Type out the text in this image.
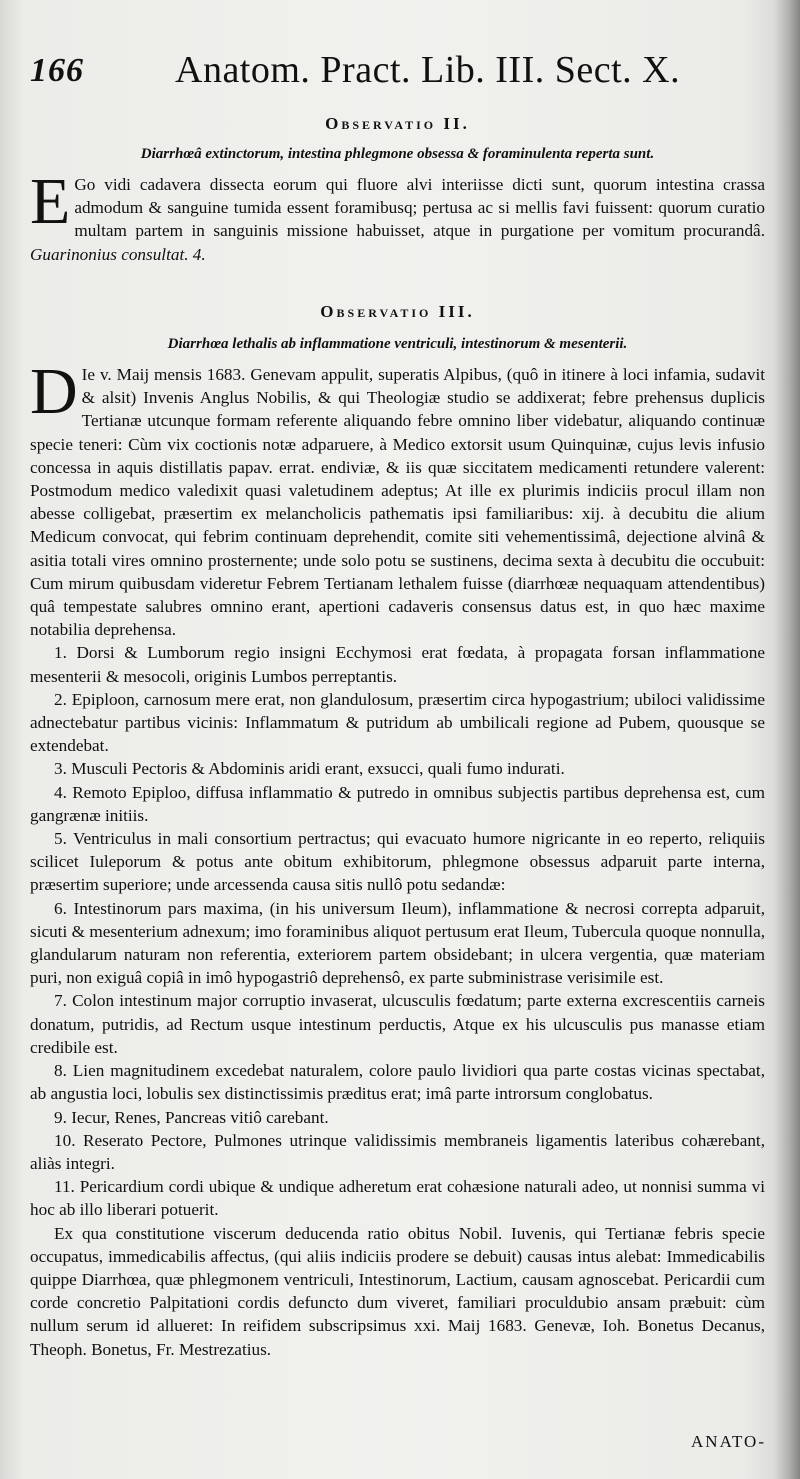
166 Anatom. Pract. Lib. III. Sect. X.

Observatio II.

Diarrhœâ extinctorum, intestina phlegmone obsessa & foraminulenta reperta sunt.

E Go vidi cadavera dissecta eorum qui fluore alvi interiisse dicti sunt, quorum intestina crassa admodum & sanguine tumida essent foramibusq; pertusa ac si mellis favi fuissent: quorum curatio multam partem in sanguinis missione habuisset, atque in purgatione per vomitum procurandâ. Guarinonius consultat. 4.

Observatio III.

Diarrhœa lethalis ab inflammatione ventriculi, intestinorum & mesenterii.

D Ie v. Maij mensis 1683. Genevam appulit, superatis Alpibus, (quô in itinere à loci infamia, sudavit & alsit) Invenis Anglus Nobilis, & qui Theologiæ studio se addixerat; febre prehensus duplicis Tertianæ utcunque formam referente aliquando febre omnino liber videbatur, aliquando continuæ specie teneri: Cùm vix coctionis notæ adparuere, à Medico extorsit usum Quinquinæ, cujus levis infusio concessa in aquis distillatis papav. errat. endiviæ, & iis quæ siccitatem medicamenti retundere valerent: Postmodum medico valedixit quasi valetudinem adeptus; At ille ex plurimis indiciis procul illam non abesse colligebat, præsertim ex melancholicis pathematis ipsi familiaribus: xij. à decubitu die alium Medicum convocat, qui febrim continuam deprehendit, comite siti vehementissimâ, dejectione alvinâ & asitia totali vires omnino prosternente; unde solo potu se sustinens, decima sexta à decubitu die occubuit: Cum mirum quibusdam videretur Febrem Tertianam lethalem fuisse (diarrhœæ nequaquam attendentibus) quâ tempestate salubres omnino erant, apertioni cadaveris consensus datus est, in quo hæc maxime notabilia deprehensa.

1. Dorsi & Lumborum regio insigni Ecchymosi erat fœdata, à propagata forsan inflammatione mesenterii & mesocoli, originis Lumbos perreptantis.

2. Epiploon, carnosum mere erat, non glandulosum, præsertim circa hypogastrium; ubiloci validissime adnectebatur partibus vicinis: Inflammatum & putridum ab umbilicali regione ad Pubem, quousque se extendebat.

3. Musculi Pectoris & Abdominis aridi erant, exsucci, quali fumo indurati.

4. Remoto Epiploo, diffusa inflammatio & putredo in omnibus subjectis partibus deprehensa est, cum gangrænæ initiis.

5. Ventriculus in mali consortium pertractus; qui evacuato humore nigricante in eo reperto, reliquiis scilicet Iuleporum & potus ante obitum exhibitorum, phlegmone obsessus adparuit parte interna, præsertim superiore; unde arcessenda causa sitis nullô potu sedandæ:

6. Intestinorum pars maxima, (in his universum Ileum), inflammatione & necrosi correpta adparuit, sicuti & mesenterium adnexum; imo foraminibus aliquot pertusum erat Ileum, Tubercula quoque nonnulla, glandularum naturam non referentia, exteriorem partem obsidebant; in ulcera vergentia, quæ materiam puri, non exiguâ copiâ in imô hypogastriô deprehensô, ex parte subministrase verisimile est.

7. Colon intestinum major corruptio invaserat, ulcusculis fœdatum; parte externa excrescentiis carneis donatum, putridis, ad Rectum usque intestinum perductis, Atque ex his ulcusculis pus manasse etiam credibile est.

8. Lien magnitudinem excedebat naturalem, colore paulo lividiori qua parte costas vicinas spectabat, ab angustia loci, lobulis sex distinctissimis præditus erat; imâ parte introrsum conglobatus.

9. Iecur, Renes, Pancreas vitiô carebant.

10. Reserato Pectore, Pulmones utrinque validissimis membraneis ligamentis lateribus cohærebant, aliàs integri.

11. Pericardium cordi ubique & undique adheretum erat cohæsione naturali adeo, ut nonnisi summa vi hoc ab illo liberari potuerit.

Ex qua constitutione viscerum deducenda ratio obitus Nobil. Iuvenis, qui Tertianæ febris specie occupatus, immedicabilis affectus, (qui aliis indiciis prodere se debuit) causas intus alebat: Immedicabilis quippe Diarrhœa, quæ phlegmonem ventriculi, Intestinorum, Lactium, causam agnoscebat. Pericardii cum corde concretio Palpitationi cordis defuncto dum viveret, familiari proculdubio ansam præbuit: cùm nullum serum id allueret: In reifidem subscripsimus xxi. Maij 1683. Genevæ, Ioh. Bonetus Decanus, Theoph. Bonetus, Fr. Mestrezatius.

ANATO-
